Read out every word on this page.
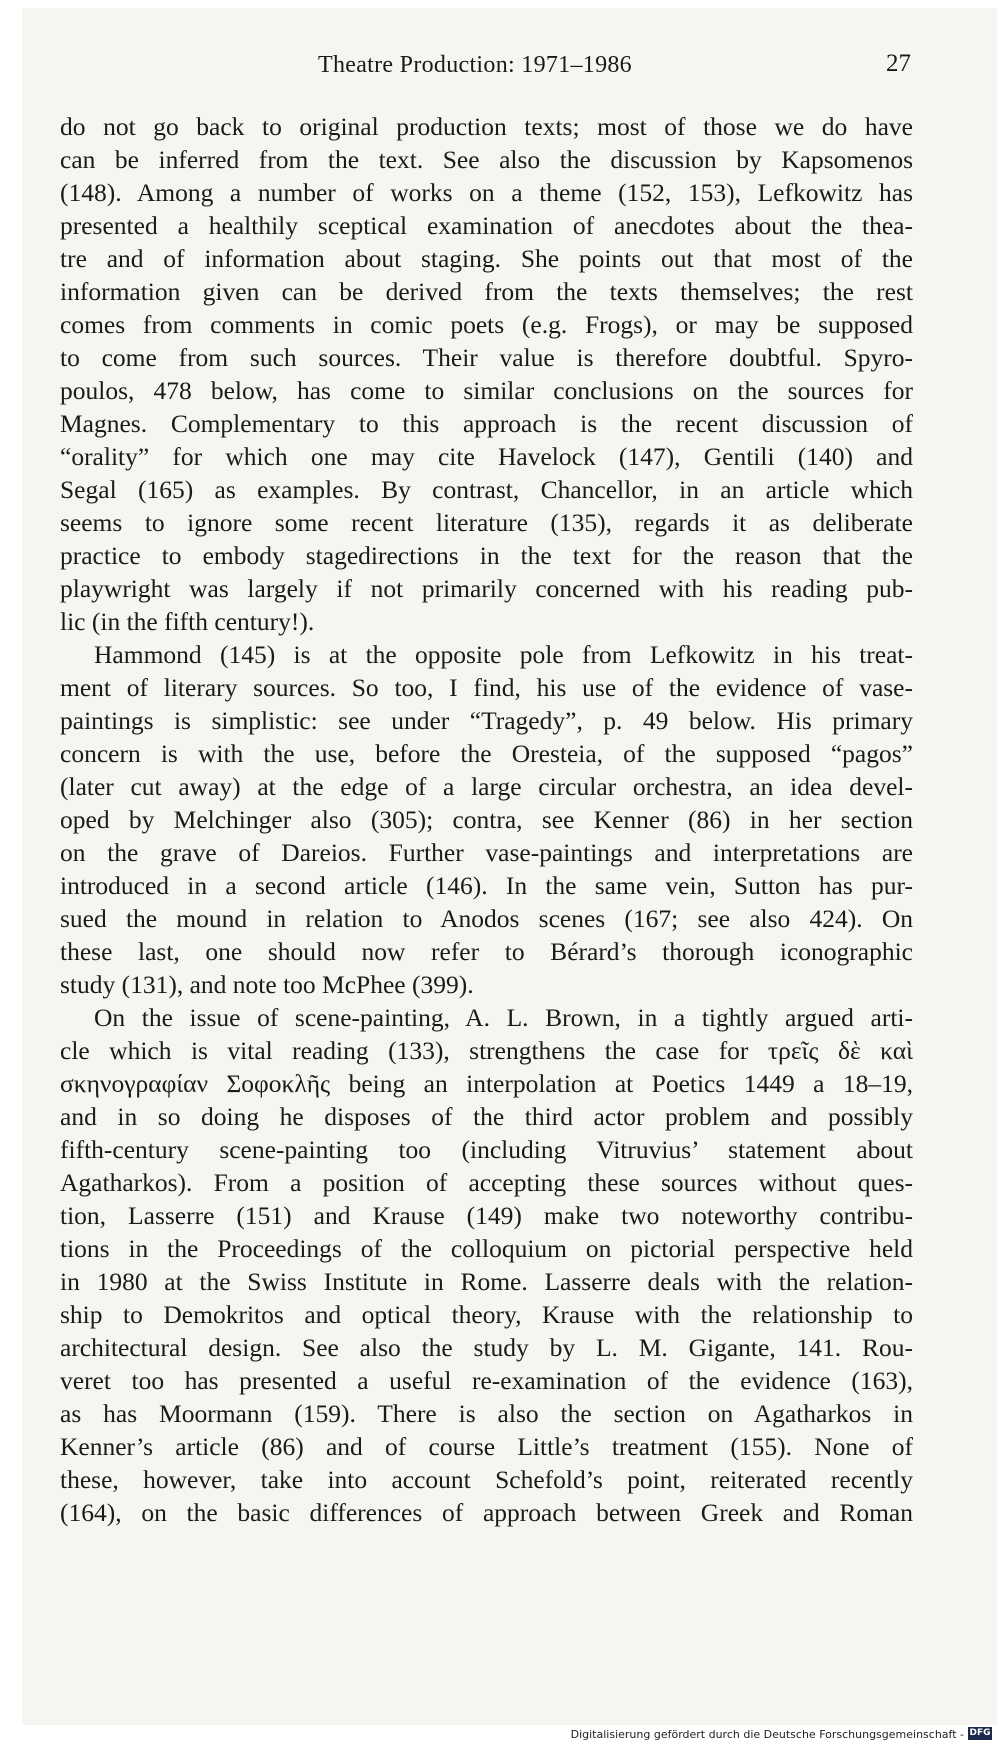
Theatre Production: 1971–1986	27
do not go back to original production texts; most of those we do have
can be inferred from the text. See also the discussion by Kapsomenos
(148). Among a number of works on a theme (152, 153), Lefkowitz has
presented a healthily sceptical examination of anecdotes about the thea-
tre and of information about staging. She points out that most of the
information given can be derived from the texts themselves; the rest
comes from comments in comic poets (e.g. Frogs), or may be supposed
to come from such sources. Their value is therefore doubtful. Spyro-
poulos, 478 below, has come to similar conclusions on the sources for
Magnes. Complementary to this approach is the recent discussion of
“orality” for which one may cite Havelock (147), Gentili (140) and
Segal (165) as examples. By contrast, Chancellor, in an article which
seems to ignore some recent literature (135), regards it as deliberate
practice to embody stagedirections in the text for the reason that the
playwright was largely if not primarily concerned with his reading pub-
lic (in the fifth century!).
Hammond (145) is at the opposite pole from Lefkowitz in his treat-
ment of literary sources. So too, I find, his use of the evidence of vase-
paintings is simplistic: see under “Tragedy”, p. 49 below. His primary
concern is with the use, before the Oresteia, of the supposed “pagos”
(later cut away) at the edge of a large circular orchestra, an idea devel-
oped by Melchinger also (305); contra, see Kenner (86) in her section
on the grave of Dareios. Further vase-paintings and interpretations are
introduced in a second article (146). In the same vein, Sutton has pur-
sued the mound in relation to Anodos scenes (167; see also 424). On
these last, one should now refer to Bérard’s thorough iconographic
study (131), and note too McPhee (399).
On the issue of scene-painting, A. L. Brown, in a tightly argued arti-
cle which is vital reading (133), strengthens the case for τρεῖς δὲ καὶ
σκηνογραφίαν Σοφοκλῆς being an interpolation at Poetics 1449 a 18–19,
and in so doing he disposes of the third actor problem and possibly
fifth-century scene-painting too (including Vitruvius’ statement about
Agatharkos). From a position of accepting these sources without ques-
tion, Lasserre (151) and Krause (149) make two noteworthy contribu-
tions in the Proceedings of the colloquium on pictorial perspective held
in 1980 at the Swiss Institute in Rome. Lasserre deals with the relation-
ship to Demokritos and optical theory, Krause with the relationship to
architectural design. See also the study by L. M. Gigante, 141. Rou-
veret too has presented a useful re-examination of the evidence (163),
as has Moormann (159). There is also the section on Agatharkos in
Kenner’s article (86) and of course Little’s treatment (155). None of
these, however, take into account Schefold’s point, reiterated recently
(164), on the basic differences of approach between Greek and Roman
Digitalisierung gefördert durch die Deutsche Forschungsgemeinschaft - DFG
